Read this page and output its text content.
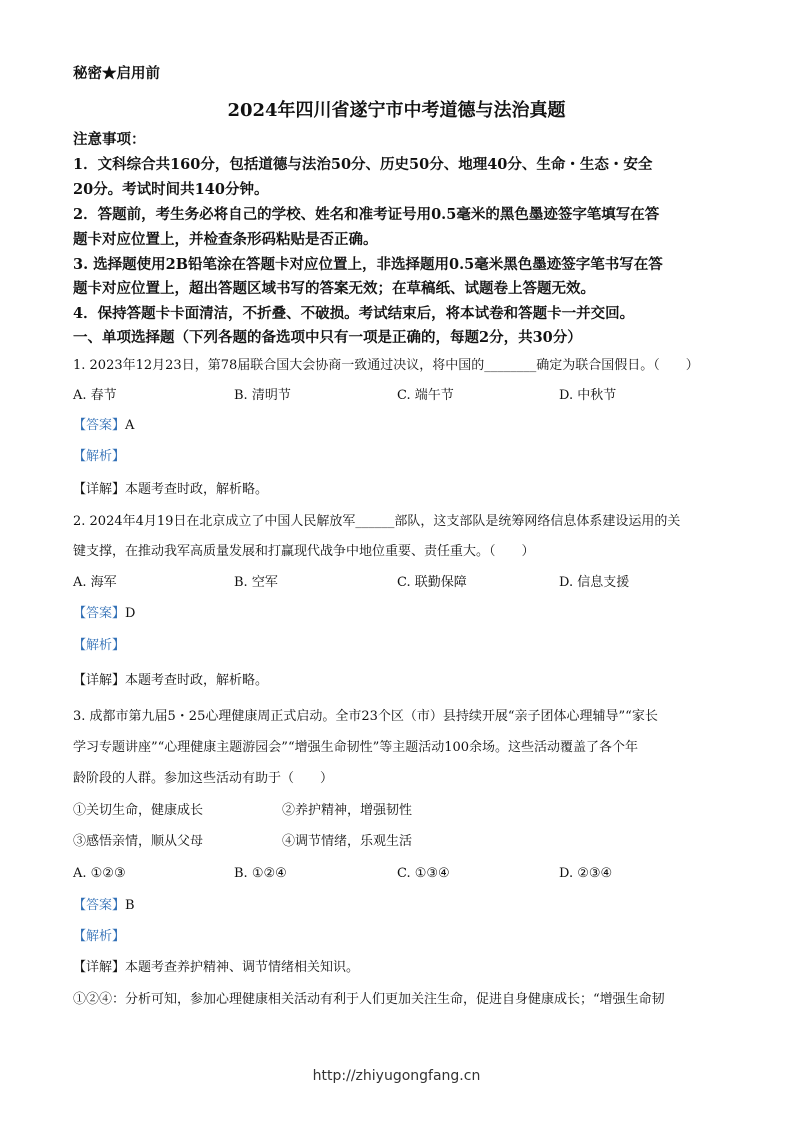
秘密★启用前
2024年四川省遂宁市中考道德与法治真题
注意事项：
1．文科综合共160分，包括道德与法治50分、历史50分、地理40分、生命・生态・安全
20分。考试时间共140分钟。
2．答题前，考生务必将自己的学校、姓名和准考证号用0.5毫米的黑色墨迹签字笔填写在答
题卡对应位置上，并检查条形码粘贴是否正确。
3. 选择题使用2B铅笔涂在答题卡对应位置上，非选择题用0.5毫米黑色墨迹签字笔书写在答
题卡对应位置上，超出答题区域书写的答案无效；在草稿纸、试题卷上答题无效。
4．保持答题卡卡面清洁，不折叠、不破损。考试结束后，将本试卷和答题卡一并交回。
一、单项选择题（下列各题的备选项中只有一项是正确的，每题2分，共30分）
1. 2023年12月23日，第78届联合国大会协商一致通过决议，将中国的________确定为联合国假日。（　　）
A. 春节	B. 清明节	C. 端午节	D. 中秋节
【答案】A
【解析】
【详解】本题考查时政，解析略。
2. 2024年4月19日在北京成立了中国人民解放军______部队，这支部队是统筹网络信息体系建设运用的关
键支撑，在推动我军高质量发展和打赢现代战争中地位重要、责任重大。（　　）
A. 海军	B. 空军	C. 联勤保障	D. 信息支援
【答案】D
【解析】
【详解】本题考查时政，解析略。
3. 成都市第九届5・25心理健康周正式启动。全市23个区（市）县持续开展“亲子团体心理辅导”“家长
学习专题讲座”“心理健康主题游园会”“增强生命韧性”等主题活动100余场。这些活动覆盖了各个年
龄阶段的人群。参加这些活动有助于（　　）
①关切生命，健康成长	②养护精神，增强韧性
③感悟亲情，顺从父母	④调节情绪，乐观生活
A. ①②③	B. ①②④	C. ①③④	D. ②③④
【答案】B
【解析】
【详解】本题考查养护精神、调节情绪相关知识。
①②④：分析可知，参加心理健康相关活动有利于人们更加关注生命，促进自身健康成长；“增强生命韧
http://zhiyugongfang.cn
